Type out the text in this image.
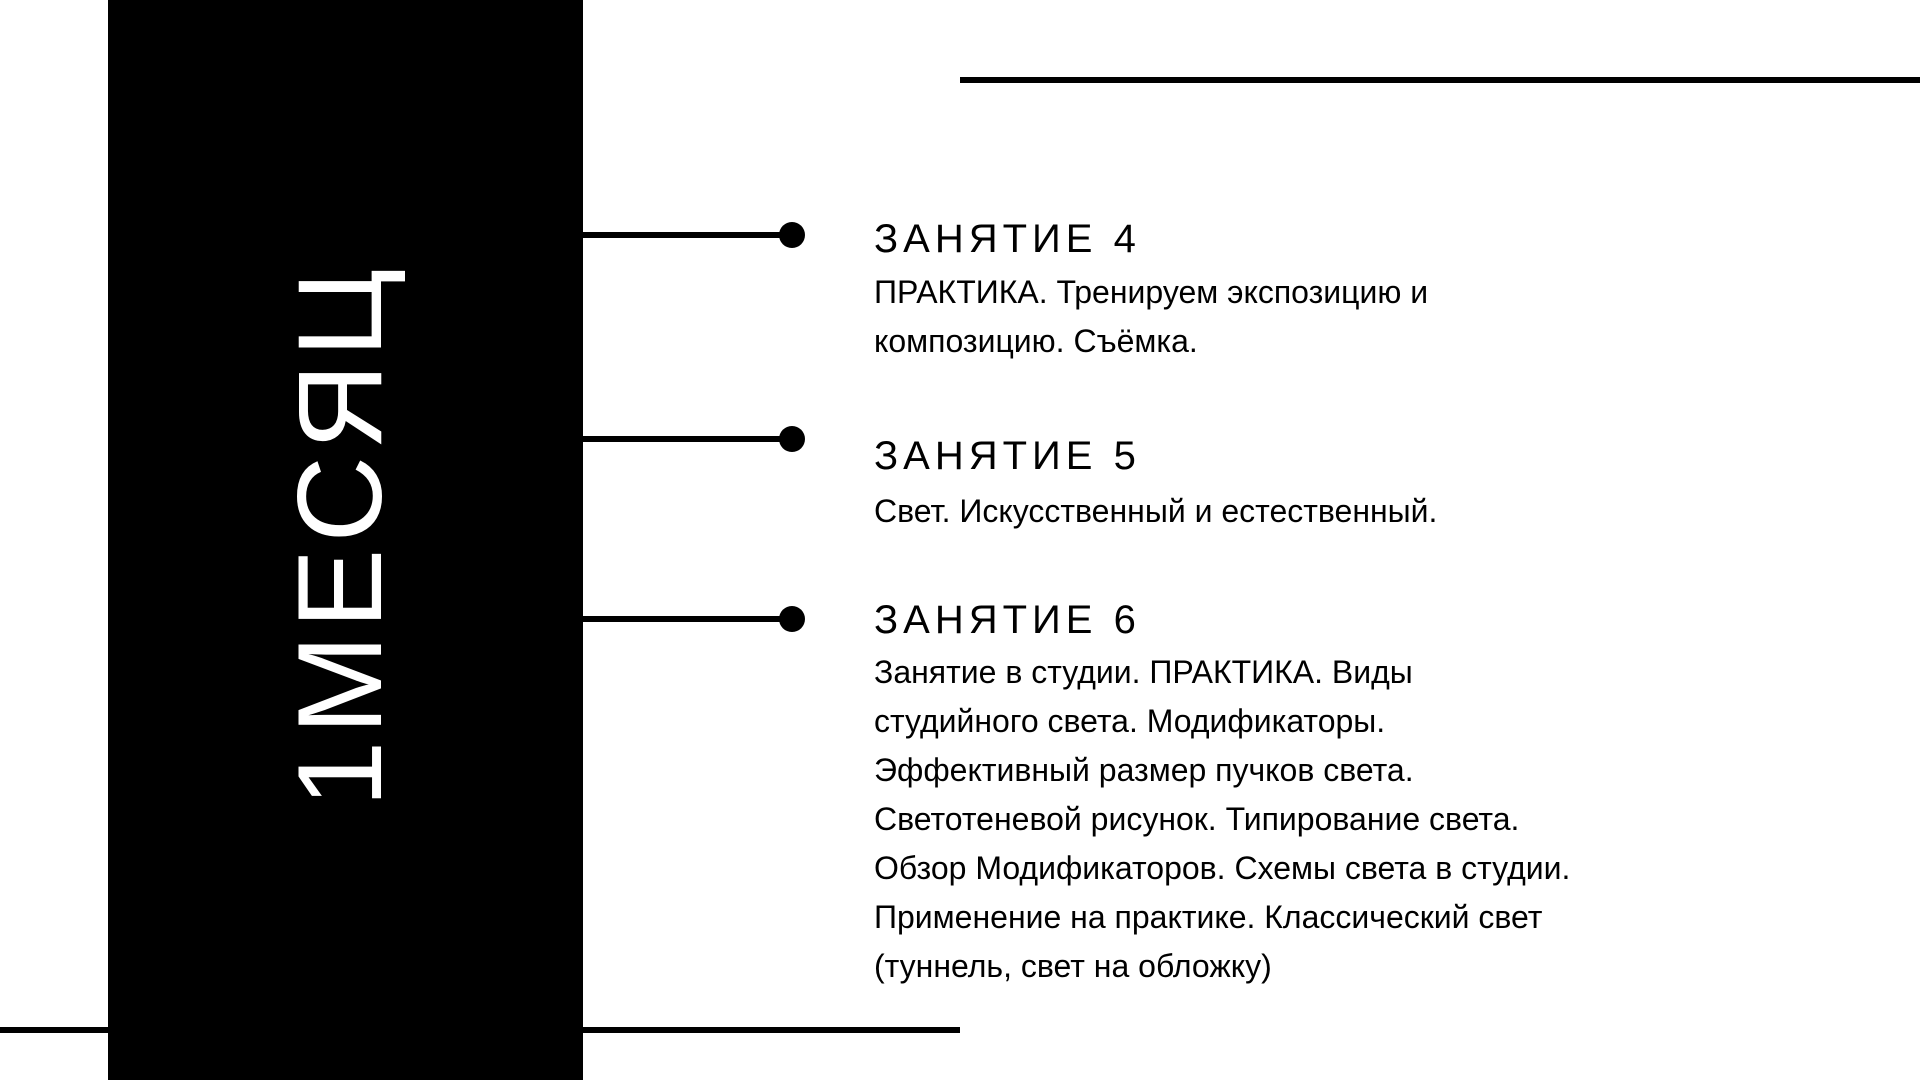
1МЕСЯЦ
ЗАНЯТИЕ 4
ПРАКТИКА. Тренируем экспозицию и
композицию. Съёмка.
ЗАНЯТИЕ 5
Свет. Искусственный и естественный.
ЗАНЯТИЕ 6
Занятие в студии. ПРАКТИКА. Виды
студийного света. Модификаторы.
Эффективный размер пучков света.
Светотеневой рисунок. Типирование света.
Обзор Модификаторов. Схемы света в студии.
Применение на практике. Классический свет
(туннель, свет на обложку)
